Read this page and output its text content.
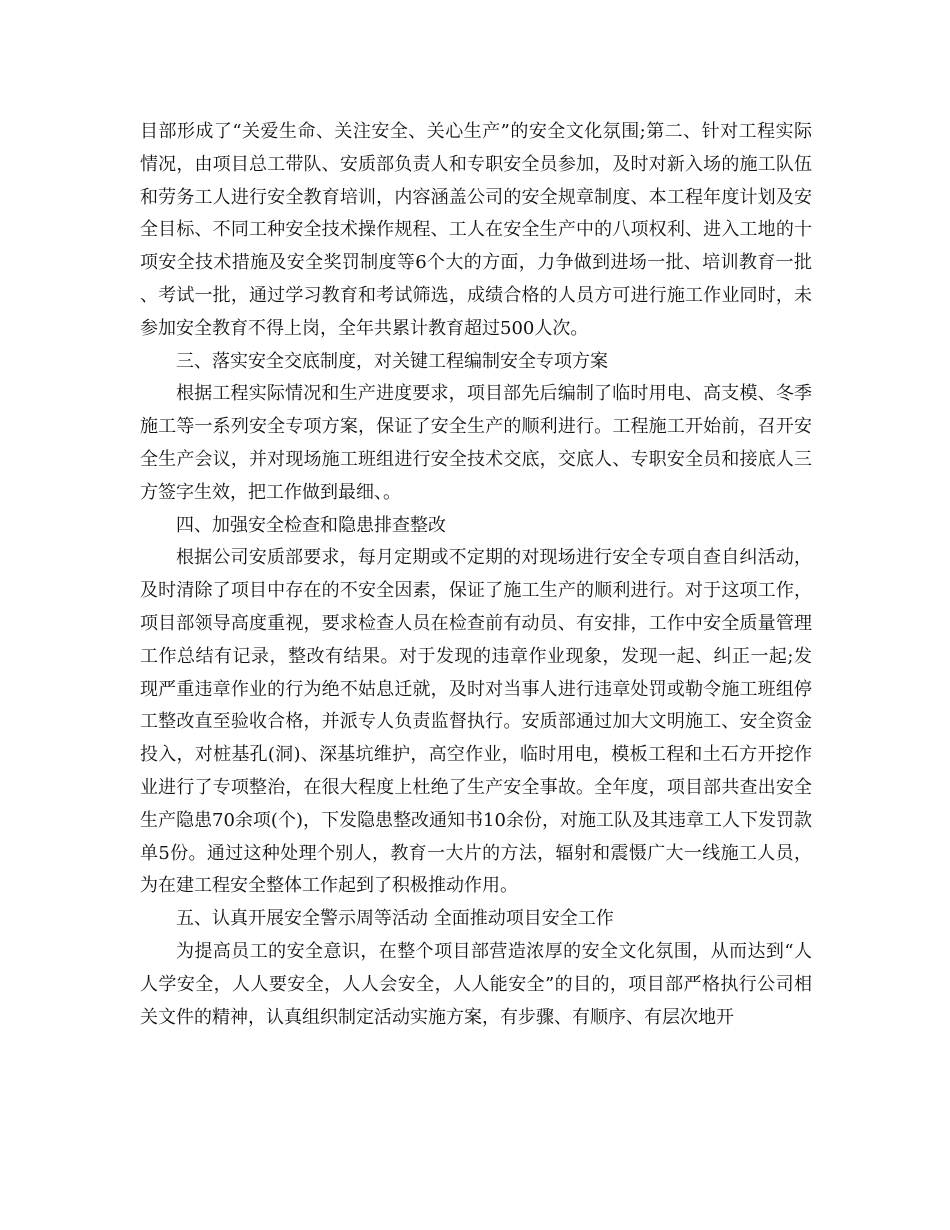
目部形成了“关爱生命、关注安全、关心生产”的安全文化氛围;第二、针对工程实际情况，由项目总工带队、安质部负责人和专职安全员参加，及时对新入场的施工队伍和劳务工人进行安全教育培训，内容涵盖公司的安全规章制度、本工程年度计划及安全目标、不同工种安全技术操作规程、工人在安全生产中的八项权利、进入工地的十项安全技术措施及安全奖罚制度等6个大的方面，力争做到进场一批、培训教育一批、考试一批，通过学习教育和考试筛选，成绩合格的人员方可进行施工作业同时，未参加安全教育不得上岗，全年共累计教育超过500人次。

三、落实安全交底制度，对关键工程编制安全专项方案

根据工程实际情况和生产进度要求，项目部先后编制了临时用电、高支模、冬季施工等一系列安全专项方案，保证了安全生产的顺利进行。工程施工开始前，召开安全生产会议，并对现场施工班组进行安全技术交底，交底人、专职安全员和接底人三方签字生效，把工作做到最细、。

四、加强安全检查和隐患排查整改

根据公司安质部要求，每月定期或不定期的对现场进行安全专项自查自纠活动，及时清除了项目中存在的不安全因素，保证了施工生产的顺利进行。对于这项工作，项目部领导高度重视，要求检查人员在检查前有动员、有安排，工作中安全质量管理工作总结有记录，整改有结果。对于发现的违章作业现象，发现一起、纠正一起;发现严重违章作业的行为绝不姑息迁就，及时对当事人进行违章处罚或勒令施工班组停工整改直至验收合格，并派专人负责监督执行。安质部通过加大文明施工、安全资金投入，对桩基孔(洞)、深基坑维护，高空作业，临时用电，模板工程和土石方开挖作业进行了专项整治，在很大程度上杜绝了生产安全事故。全年度，项目部共查出安全生产隐患70余项(个)，下发隐患整改通知书10余份，对施工队及其违章工人下发罚款单5份。通过这种处理个别人，教育一大片的方法，辐射和震慑广大一线施工人员，为在建工程安全整体工作起到了积极推动作用。

五、认真开展安全警示周等活动 全面推动项目安全工作

为提高员工的安全意识，在整个项目部营造浓厚的安全文化氛围，从而达到“人人学安全，人人要安全，人人会安全，人人能安全”的目的，项目部严格执行公司相关文件的精神，认真组织制定活动实施方案，有步骤、有顺序、有层次地开
